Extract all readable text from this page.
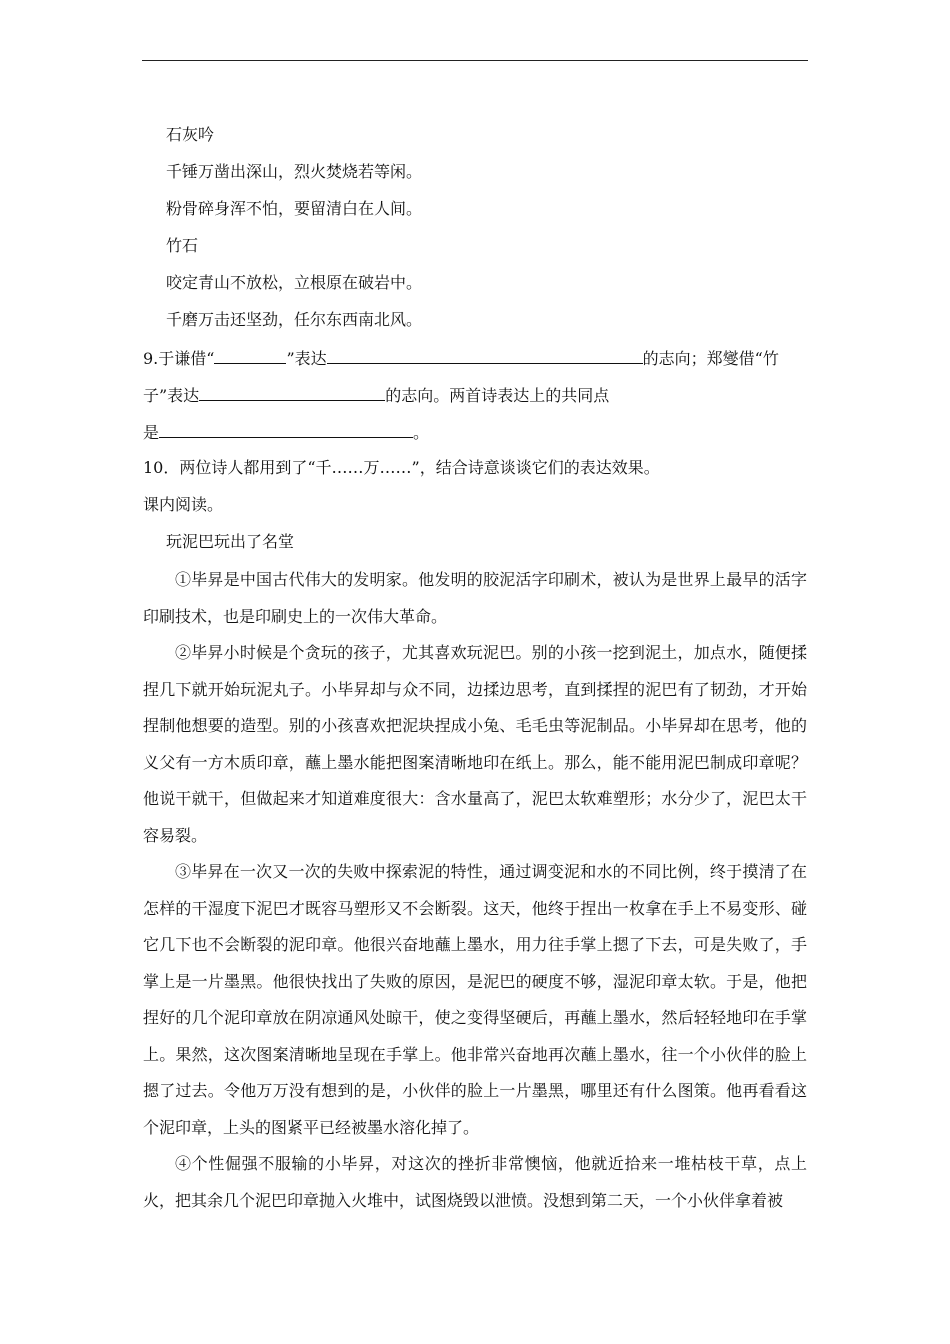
石灰吟
千锤万凿出深山，烈火焚烧若等闲。
粉骨碎身浑不怕，要留清白在人间。
竹石
咬定青山不放松，立根原在破岩中。
千磨万击还坚劲，任尔东西南北风。
9.于谦借“	”表达	的志向；郑燮借“竹
子”表达	的志向。两首诗表达上的共同点
是	。
10．两位诗人都用到了“千……万……”，结合诗意谈谈它们的表达效果。
课内阅读。
玩泥巴玩出了名堂

①毕昇是中国古代伟大的发明家。他发明的胶泥活字印刷术，被认为是世界上最早的活字印刷技术，也是印刷史上的一次伟大革命。

②毕昇小时候是个贪玩的孩子，尤其喜欢玩泥巴。别的小孩一挖到泥土，加点水，随便揉捏几下就开始玩泥丸子。小毕昇却与众不同，边揉边思考，直到揉捏的泥巴有了韧劲，才开始捏制他想要的造型。别的小孩喜欢把泥块捏成小兔、毛毛虫等泥制品。小毕昇却在思考，他的义父有一方木质印章，蘸上墨水能把图案清晰地印在纸上。那么，能不能用泥巴制成印章呢？他说干就干，但做起来才知道难度很大：含水量高了，泥巴太软难塑形；水分少了，泥巴太干容易裂。

③毕昇在一次又一次的失败中探索泥的特性，通过调变泥和水的不同比例，终于摸清了在怎样的干湿度下泥巴才既容马塑形又不会断裂。这天，他终于捏出一枚拿在手上不易变形、碰它几下也不会断裂的泥印章。他很兴奋地蘸上墨水，用力往手掌上摁了下去，可是失败了，手掌上是一片墨黑。他很快找出了失败的原因，是泥巴的硬度不够，湿泥印章太软。于是，他把捏好的几个泥印章放在阴凉通风处晾干，使之变得坚硬后，再蘸上墨水，然后轻轻地印在手掌上。果然，这次图案清晰地呈现在手掌上。他非常兴奋地再次蘸上墨水，往一个小伙伴的脸上摁了过去。令他万万没有想到的是，小伙伴的脸上一片墨黑，哪里还有什么图策。他再看看这个泥印章，上头的图紧平已经被墨水溶化掉了。

④个性倔强不服输的小毕昇，对这次的挫折非常懊恼，他就近拾来一堆枯枝干草，点上火，把其余几个泥巴印章抛入火堆中，试图烧毁以泄愤。没想到第二天，一个小伙伴拿着被
